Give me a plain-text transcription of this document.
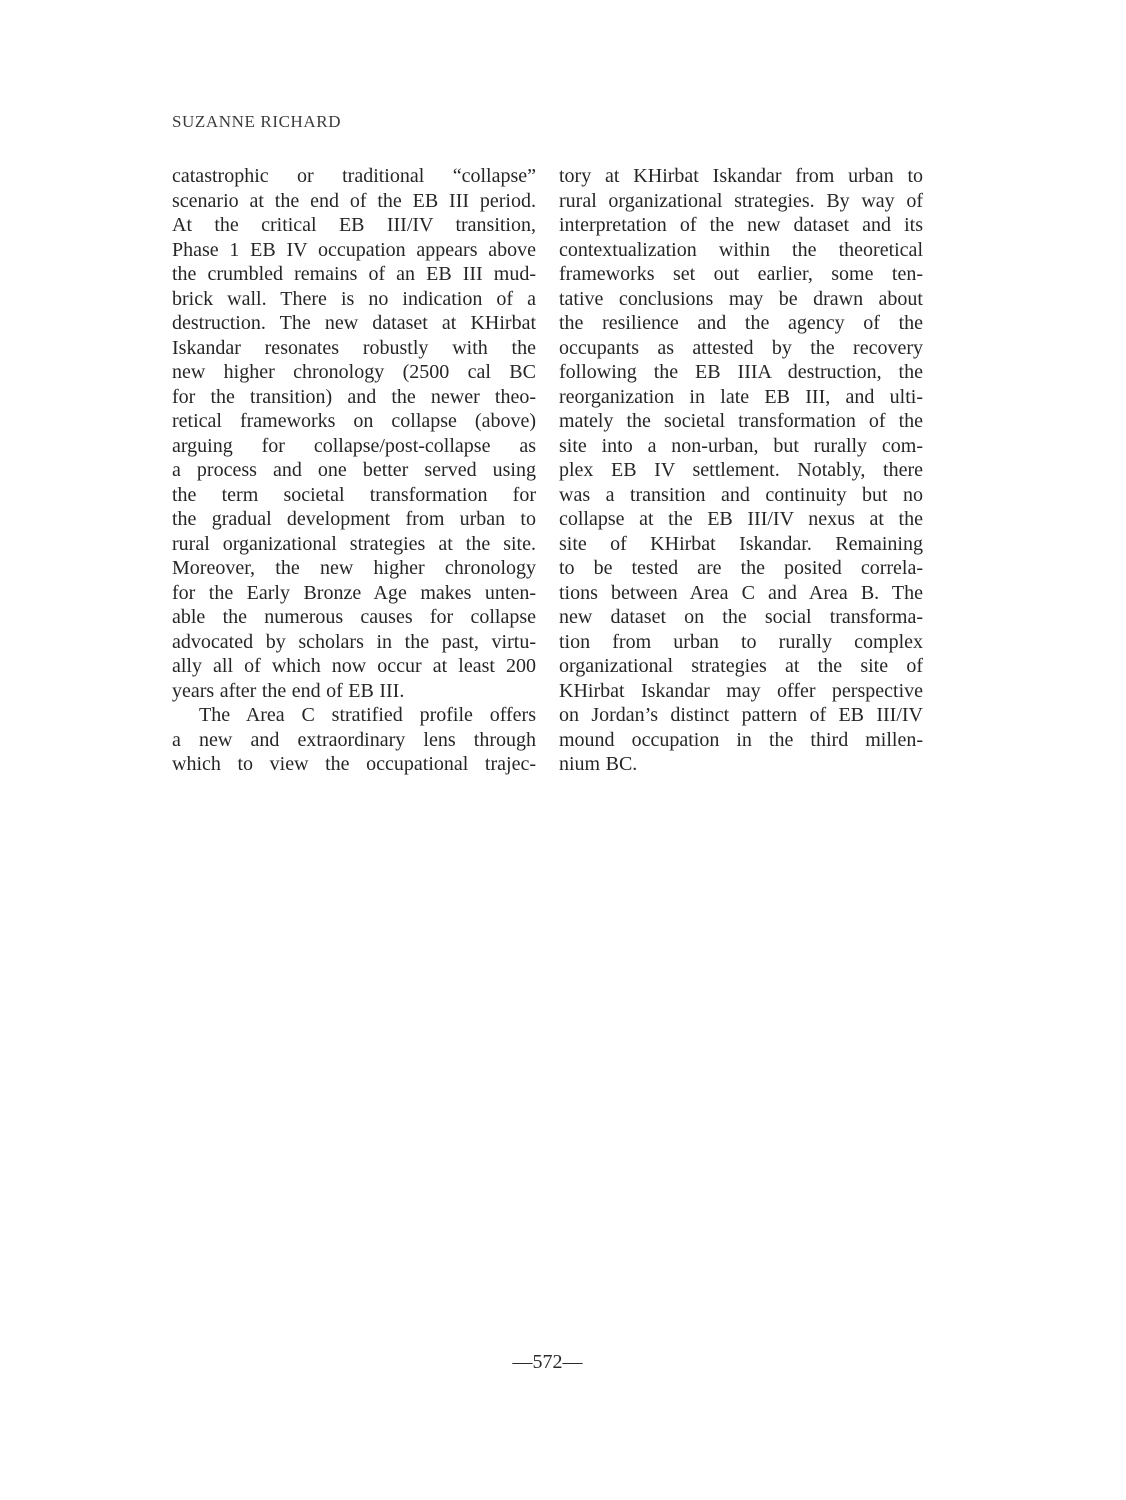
SUZANNE RICHARD
catastrophic or traditional “collapse”
scenario at the end of the EB III period.
At the critical EB III/IV transition,
Phase 1 EB IV occupation appears above
the crumbled remains of an EB III mud-
brick wall. There is no indication of a
destruction. The new dataset at KHirbat
Iskandar resonates robustly with the
new higher chronology (2500 cal BC
for the transition) and the newer theo-
retical frameworks on collapse (above)
arguing for collapse/post-collapse as
a process and one better served using
the term societal transformation for
the gradual development from urban to
rural organizational strategies at the site.
Moreover, the new higher chronology
for the Early Bronze Age makes unten-
able the numerous causes for collapse
advocated by scholars in the past, virtu-
ally all of which now occur at least 200
years after the end of EB III.
The Area C stratified profile offers
a new and extraordinary lens through
which to view the occupational trajec-
tory at KHirbat Iskandar from urban to
rural organizational strategies. By way of
interpretation of the new dataset and its
contextualization within the theoretical
frameworks set out earlier, some ten-
tative conclusions may be drawn about
the resilience and the agency of the
occupants as attested by the recovery
following the EB IIIA destruction, the
reorganization in late EB III, and ulti-
mately the societal transformation of the
site into a non-urban, but rurally com-
plex EB IV settlement. Notably, there
was a transition and continuity but no
collapse at the EB III/IV nexus at the
site of KHirbat Iskandar. Remaining
to be tested are the posited correla-
tions between Area C and Area B. The
new dataset on the social transforma-
tion from urban to rurally complex
organizational strategies at the site of
KHirbat Iskandar may offer perspective
on Jordan’s distinct pattern of EB III/IV
mound occupation in the third millen-
nium BC.
—572—
